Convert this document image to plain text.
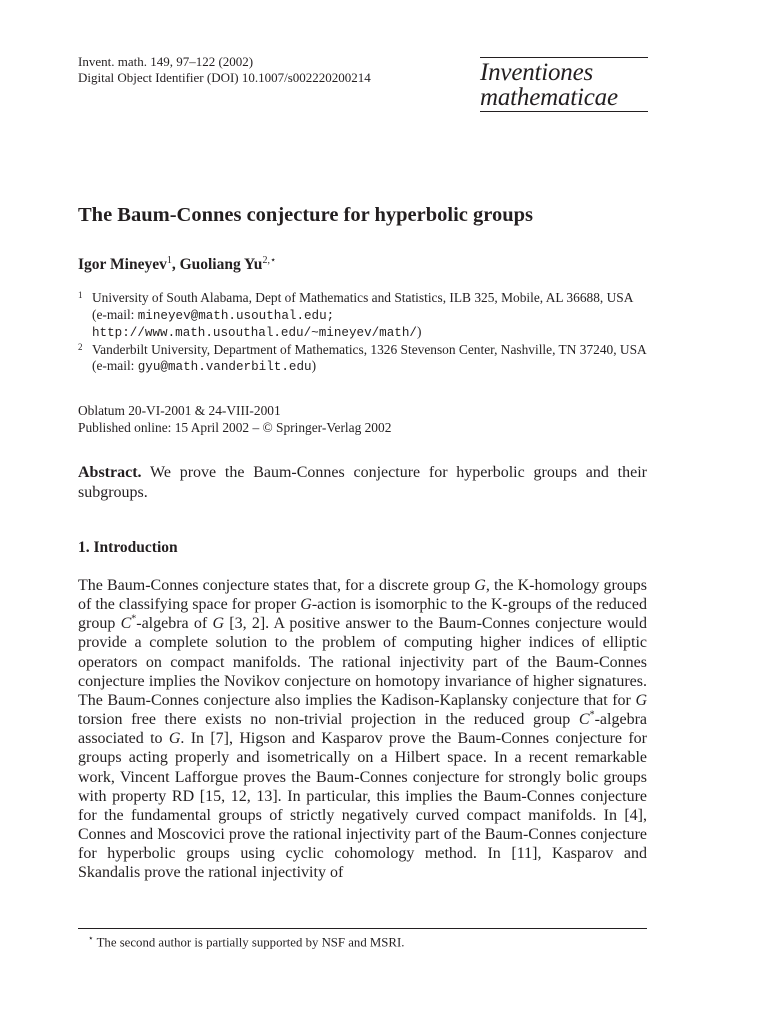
Invent. math. 149, 97–122 (2002)
Digital Object Identifier (DOI) 10.1007/s002220200214	Inventiones
mathematicae
The Baum-Connes conjecture for hyperbolic groups
Igor Mineyev$^1$, Guoliang $Yu^{2,⋆}$
1 University of South Alabama, Dept of Mathematics and Statistics, ILB 325, Mobile, AL 36688, USA
(e-mail: mineyev@math.usouthal.edu;
http://www.math.usouthal.edu/~mineyev/math/)
2 Vanderbilt University, Department of Mathematics, 1326 Stevenson Center, Nashville, TN 37240, USA (e-mail: gyu@math.vanderbilt.edu)
Oblatum 20-VI-2001 & 24-VIII-2001
Published online: 15 April 2002 – © Springer-Verlag 2002
Abstract. We prove the Baum-Connes conjecture for hyperbolic groups and their subgroups.
1. Introduction
The Baum-Connes conjecture states that, for a discrete group G, the K-homology groups of the classifying space for proper G-action is isomorphic to the K-groups of the reduced group C*-algebra of G [3, 2]. A positive answer to the Baum-Connes conjecture would provide a complete solution to the problem of computing higher indices of elliptic operators on compact manifolds. The rational injectivity part of the Baum-Connes conjecture implies the Novikov conjecture on homotopy invariance of higher signatures. The Baum-Connes conjecture also implies the Kadison-Kaplansky conjecture that for G torsion free there exists no non-trivial projection in the reduced group C*-algebra associated to G. In [7], Higson and Kasparov prove the Baum-Connes conjecture for groups acting properly and isometrically on a Hilbert space. In a recent remarkable work, Vincent Lafforgue proves the Baum-Connes conjecture for strongly bolic groups with property RD [15, 12, 13]. In particular, this implies the Baum-Connes conjecture for the fundamental groups of strictly negatively curved compact manifolds. In [4], Connes and Moscovici prove the rational injectivity part of the Baum-Connes conjecture for hyperbolic groups using cyclic cohomology method. In [11], Kasparov and Skandalis prove the rational injectivity of
⋆ The second author is partially supported by NSF and MSRI.
